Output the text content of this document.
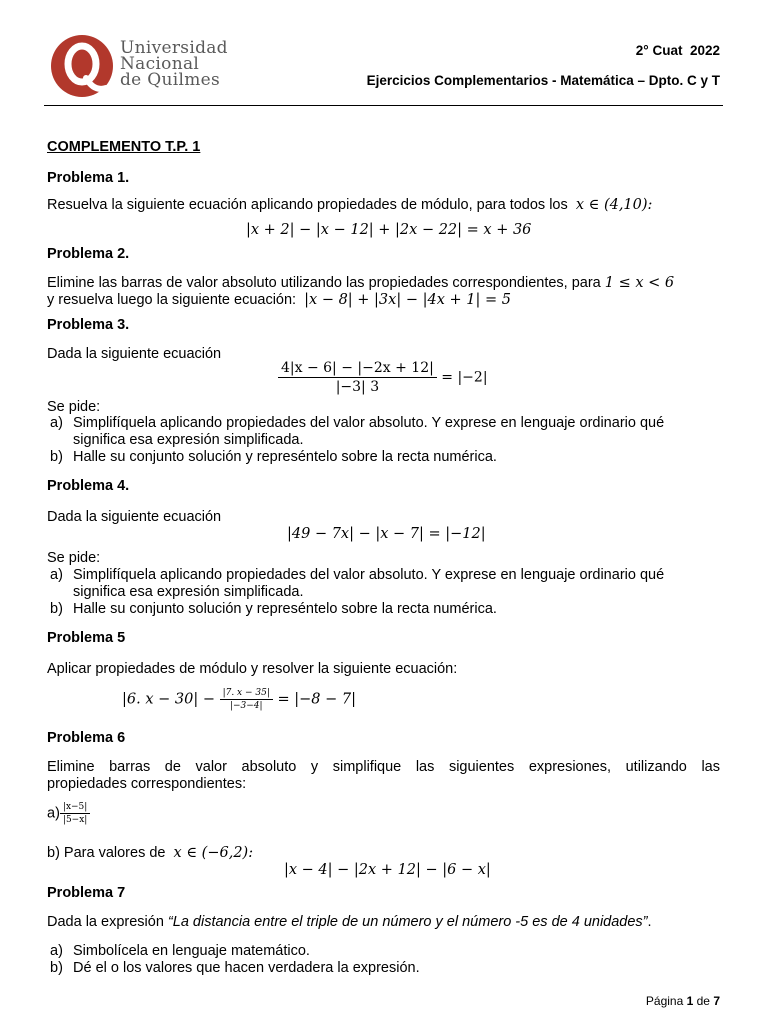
Universidad
Nacional
de Quilmes
2° Cuat  2022
Ejercicios Complementarios - Matemática – Dpto. C y T
COMPLEMENTO T.P. 1
Problema 1.
Resuelva la siguiente ecuación aplicando propiedades de módulo, para todos los x ∈ (4,10):
|x + 2| − |x − 12| + |2x − 22| = x + 36
Problema 2.
Elimine las barras de valor absoluto utilizando las propiedades correspondientes, para 1 ≤ x < 6
y resuelva luego la siguiente ecuación: |x − 8| + |3x| − |4x + 1| = 5
Problema 3.
Dada la siguiente ecuación
$\frac{4|x - 6| - |-2x + 12|}{|-3| 3} = |-2|$
Se pide:
a) Simplifíquela aplicando propiedades del valor absoluto. Y exprese en lenguaje ordinario qué significa esa expresión simplificada.
b) Halle su conjunto solución y represéntelo sobre la recta numérica.
Problema 4.
Dada la siguiente ecuación
|49 − 7x| − |x − 7| = |−12|
Se pide:
a) Simplifíquela aplicando propiedades del valor absoluto. Y exprese en lenguaje ordinario qué significa esa expresión simplificada.
b) Halle su conjunto solución y represéntelo sobre la recta numérica.
Problema 5
Aplicar propiedades de módulo y resolver la siguiente ecuación:
|6. $x - 30| - \frac{|7. x - 35|}{|-3-4|} = |-8 - 7|$
Problema 6
Elimine barras de valor absoluto y simplifique las siguientes expresiones, utilizando las
propiedades correspondientes:
$a) \frac{|x-5|}{|5-x|}$
b) Para valores de x ∈ (−6,2):
|x − 4| − |2x + 12| − |6 − x|
Problema 7
Dada la expresión “La distancia entre el triple de un número y el número -5 es de 4 unidades”.
a) Simbolícela en lenguaje matemático.
b) Dé el o los valores que hacen verdadera la expresión.
Página 1 de 7
